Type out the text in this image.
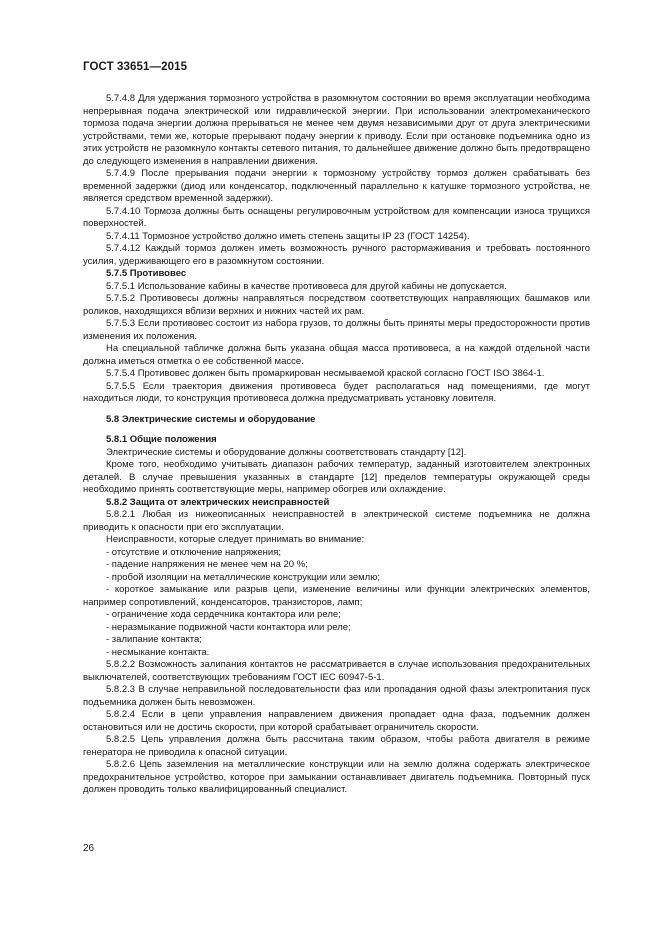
ГОСТ 33651—2015

5.7.4.8 Для удержания тормозного устройства в разомкнутом состоянии во время эксплуатации необходима непрерывная подача электрической или гидравлической энергии. При использовании электромеханического тормоза подача энергии должна прерываться не менее чем двумя независимыми друг от друга электрическими устройствами, теми же, которые прерывают подачу энергии к приводу. Если при остановке подъемника одно из этих устройств не разомкнуло контакты сетевого питания, то дальнейшее движение должно быть предотвращено до следующего изменения в направлении движения.

5.7.4.9 После прерывания подачи энергии к тормозному устройству тормоз должен срабатывать без временной задержки (диод или конденсатор, подключенный параллельно к катушке тормозного устройства, не является средством временной задержки).

5.7.4.10 Тормоза должны быть оснащены регулировочным устройством для компенсации износа трущихся поверхностей.

5.7.4.11 Тормозное устройство должно иметь степень защиты IP 23 (ГОСТ 14254).

5.7.4.12 Каждый тормоз должен иметь возможность ручного растормаживания и требовать постоянного усилия, удерживающего его в разомкнутом состоянии.

5.7.5 Противовес

5.7.5.1 Использование кабины в качестве противовеса для другой кабины не допускается.

5.7.5.2 Противовесы должны направляться посредством соответствующих направляющих башмаков или роликов, находящихся вблизи верхних и нижних частей их рам.

5.7.5.3 Если противовес состоит из набора грузов, то должны быть приняты меры предосторожности против изменения их положения.

На специальной табличке должна быть указана общая масса противовеса, а на каждой отдельной части должна иметься отметка о ее собственной массе.

5.7.5.4 Противовес должен быть промаркирован несмываемой краской согласно ГОСТ ISO 3864-1.

5.7.5.5 Если траектория движения противовеса будет располагаться над помещениями, где могут находиться люди, то конструкция противовеса должна предусматривать установку ловителя.

5.8 Электрические системы и оборудование

5.8.1 Общие положения

Электрические системы и оборудование должны соответствовать стандарту [12].

Кроме того, необходимо учитывать диапазон рабочих температур, заданный изготовителем электронных деталей. В случае превышения указанных в стандарте [12] пределов температуры окружающей среды необходимо принять соответствующие меры, например обогрев или охлаждение.

5.8.2 Защита от электрических неисправностей

5.8.2.1 Любая из нижеописанных неисправностей в электрической системе подъемника не должна приводить к опасности при его эксплуатации.

Неисправности, которые следует принимать во внимание:

- отсутствие и отключение напряжения;

- падение напряжения не менее чем на 20 %;

- пробой изоляции на металлические конструкции или землю;

- короткое замыкание или разрыв цепи, изменение величины или функции электрических элементов, например сопротивлений, конденсаторов, транзисторов, ламп;

- ограничение хода сердечника контактора или реле;

- неразмыкание подвижной части контактора или реле;

- залипание контакта;

- несмыкание контакта.

5.8.2.2 Возможность залипания контактов не рассматривается в случае использования предохранительных выключателей, соответствующих требованиям ГОСТ IEC 60947-5-1.

5.8.2.3 В случае неправильной последовательности фаз или пропадания одной фазы электропитания пуск подъемника должен быть невозможен.

5.8.2.4 Если в цепи управления направлением движения пропадает одна фаза, подъемник должен остановиться или не достичь скорости, при которой срабатывает ограничитель скорости.

5.8.2.5 Цепь управления должна быть рассчитана таким образом, чтобы работа двигателя в режиме генератора не приводила к опасной ситуации.

5.8.2.6 Цепь заземления на металлические конструкции или на землю должна содержать электрическое предохранительное устройство, которое при замыкании останавливает двигатель подъемника. Повторный пуск должен проводить только квалифицированный специалист.

26
